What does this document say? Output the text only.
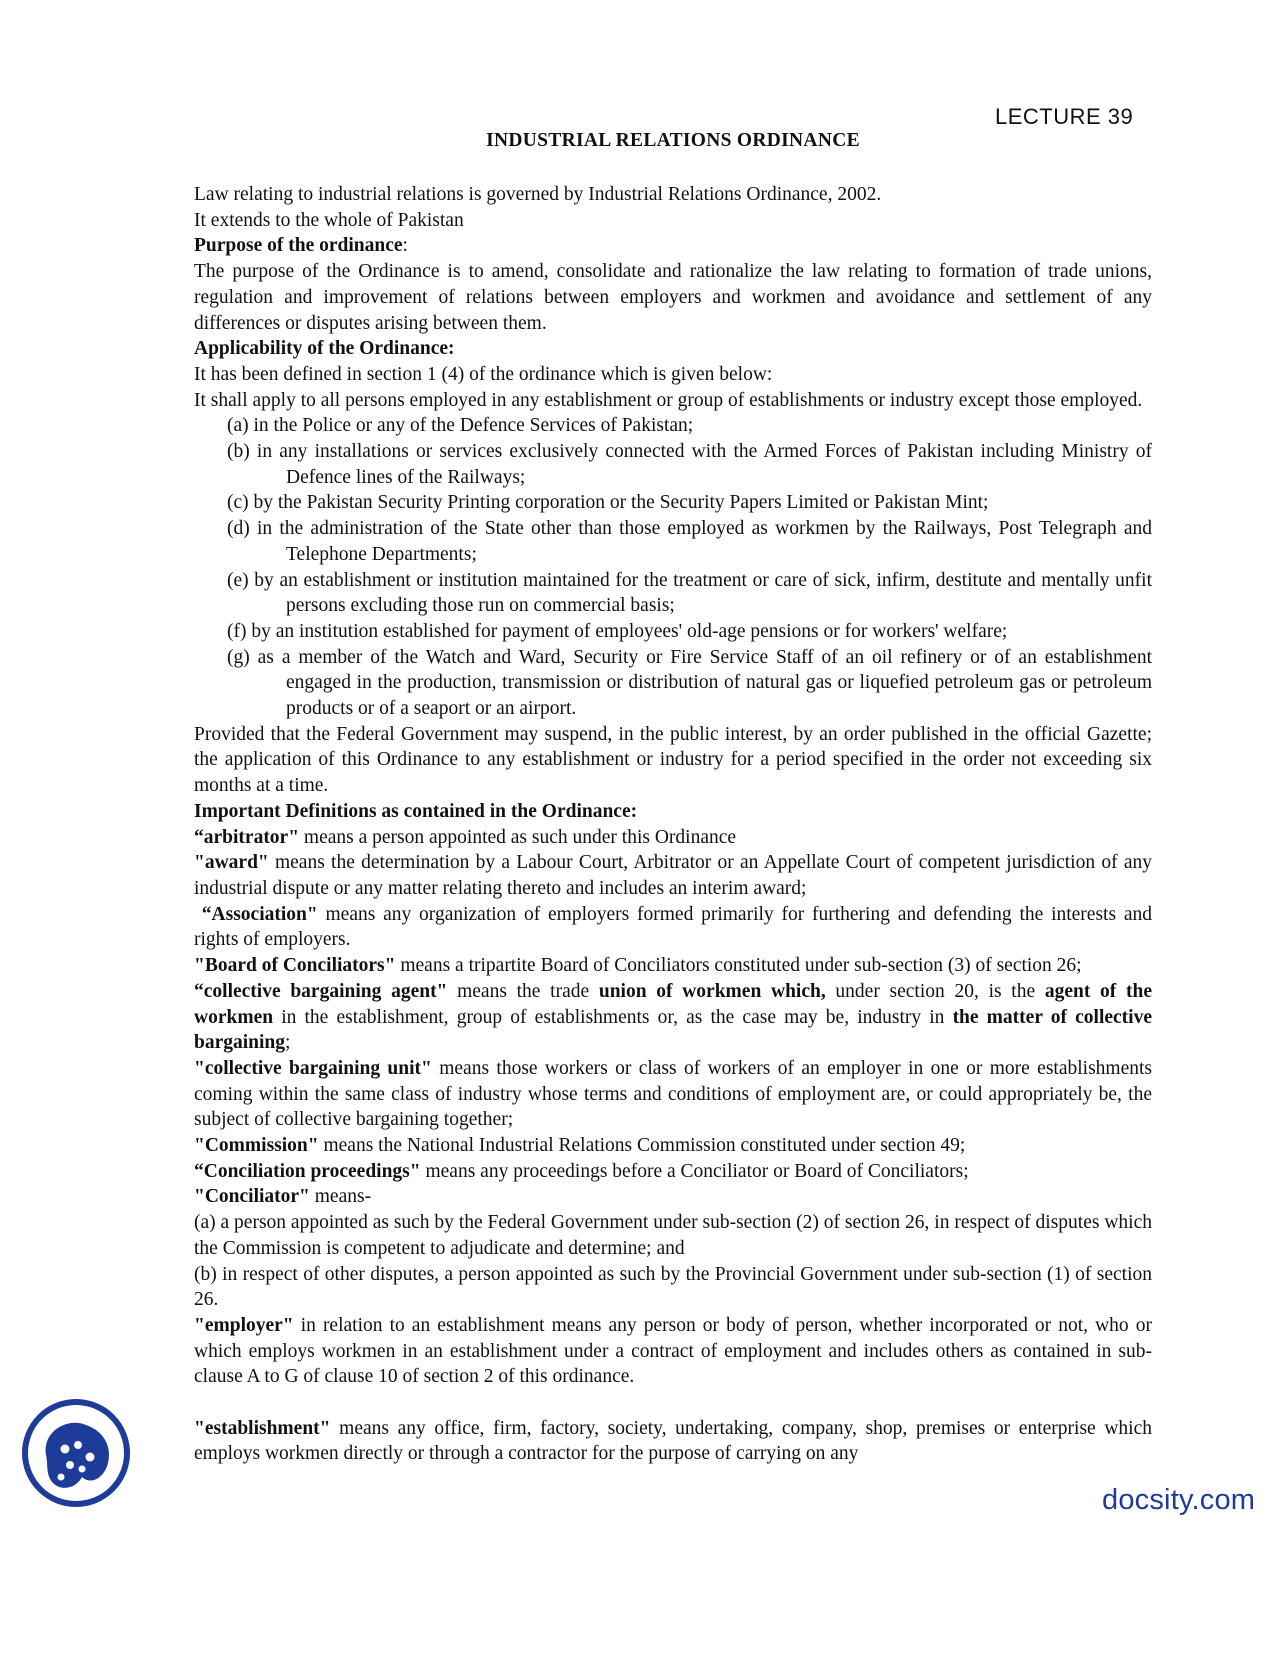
LECTURE 39
INDUSTRIAL RELATIONS ORDINANCE

Law relating to industrial relations is governed by Industrial Relations Ordinance, 2002.

It extends to the whole of Pakistan

Purpose of the ordinance:

The purpose of the Ordinance is to amend, consolidate and rationalize the law relating to formation of trade unions, regulation and improvement of relations between employers and workmen and avoidance and settlement of any differences or disputes arising between them.

Applicability of the Ordinance:

It has been defined in section 1 (4) of the ordinance which is given below:

It shall apply to all persons employed in any establishment or group of establishments or industry except those employed.

(a) in the Police or any of the Defence Services of Pakistan;

(b) in any installations or services exclusively connected with the Armed Forces of Pakistan including Ministry of Defence lines of the Railways;

(c) by the Pakistan Security Printing corporation or the Security Papers Limited or Pakistan Mint;

(d) in the administration of the State other than those employed as workmen by the Railways, Post Telegraph and Telephone Departments;

(e) by an establishment or institution maintained for the treatment or care of sick, infirm, destitute and mentally unfit persons excluding those run on commercial basis;

(f) by an institution established for payment of employees' old-age pensions or for workers' welfare;

(g) as a member of the Watch and Ward, Security or Fire Service Staff of an oil refinery or of an establishment engaged in the production, transmission or distribution of natural gas or liquefied petroleum gas or petroleum products or of a seaport or an airport.

Provided that the Federal Government may suspend, in the public interest, by an order published in the official Gazette; the application of this Ordinance to any establishment or industry for a period specified in the order not exceeding six months at a time.

Important Definitions as contained in the Ordinance:

“arbitrator" means a person appointed as such under this Ordinance

"award" means the determination by a Labour Court, Arbitrator or an Appellate Court of competent jurisdiction of any industrial dispute or any matter relating thereto and includes an interim award;

“Association" means any organization of employers formed primarily for furthering and defending the interests and rights of employers.

"Board of Conciliators" means a tripartite Board of Conciliators constituted under sub-section (3) of section 26;

“collective bargaining agent" means the trade union of workmen which, under section 20, is the agent of the workmen in the establishment, group of establishments or, as the case may be, industry in the matter of collective bargaining;

"collective bargaining unit" means those workers or class of workers of an employer in one or more establishments coming within the same class of industry whose terms and conditions of employment are, or could appropriately be, the subject of collective bargaining together;

"Commission" means the National Industrial Relations Commission constituted under section 49;

“Conciliation proceedings" means any proceedings before a Conciliator or Board of Conciliators;

"Conciliator" means-

(a) a person appointed as such by the Federal Government under sub-section (2) of section 26, in respect of disputes which the Commission is competent to adjudicate and determine; and

(b) in respect of other disputes, a person appointed as such by the Provincial Government under sub-section (1) of section 26.

"employer" in relation to an establishment means any person or body of person, whether incorporated or not, who or which employs workmen in an establishment under a contract of employment and includes others as contained in sub-clause A to G of clause 10 of section 2 of this ordinance.

"establishment" means any office, firm, factory, society, undertaking, company, shop, premises or enterprise which employs workmen directly or through a contractor for the purpose of carrying on any

docsity.com
